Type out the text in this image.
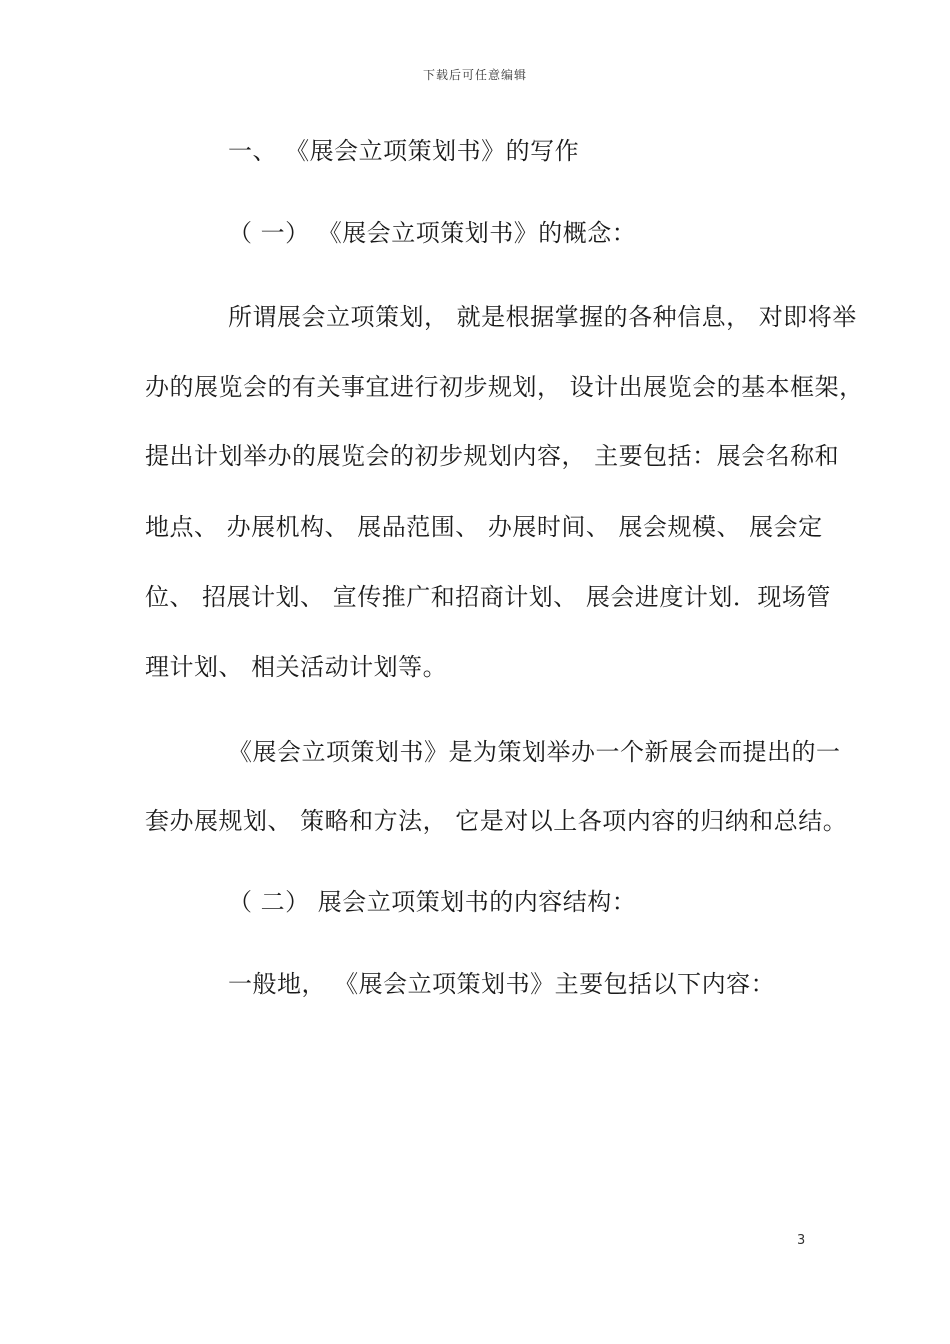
下载后可任意编辑
一、 《展会立项策划书》的写作
（ 一） 《展会立项策划书》的概念：
所谓展会立项策划， 就是根据掌握的各种信息， 对即将举
办的展览会的有关事宜进行初步规划， 设计出展览会的基本框架，
提出计划举办的展览会的初步规划内容， 主要包括：展会名称和
地点、 办展机构、 展品范围、 办展时间、 展会规模、 展会定
位、 招展计划、 宣传推广和招商计划、 展会进度计划．现场管
理计划、 相关活动计划等。
《展会立项策划书》是为策划举办一个新展会而提出的一
套办展规划、 策略和方法， 它是对以上各项内容的归纳和总结。
（ 二） 展会立项策划书的内容结构：
一般地， 《展会立项策划书》主要包括以下内容：
3
